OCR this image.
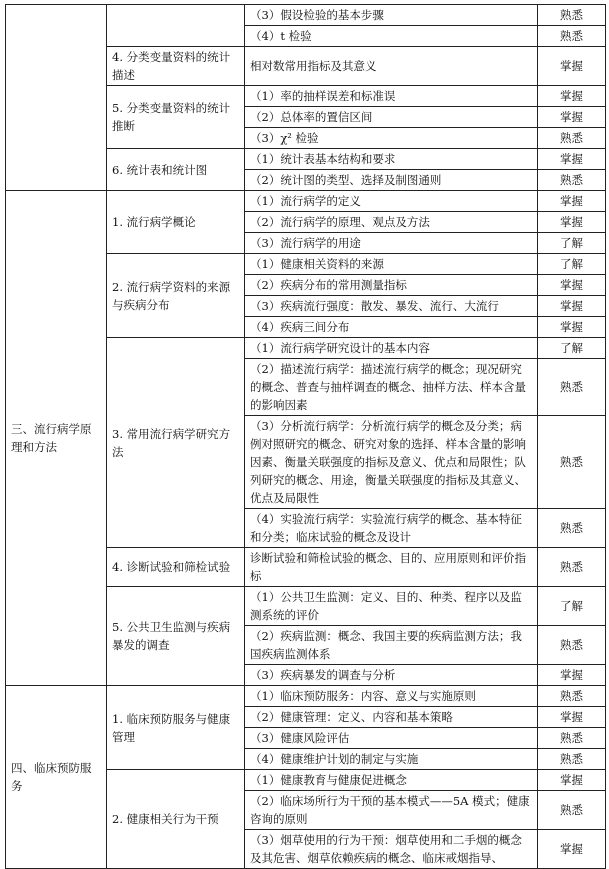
		（3）假设检验的基本步骤	熟悉
		（4）t 检验	熟悉
	4. 分类变量资料的统计描述	相对数常用指标及其意义	掌握
	5. 分类变量资料的统计推断	（1）率的抽样误差和标准误	掌握
		（2）总体率的置信区间	掌握
		（3）χ² 检验	熟悉
	6. 统计表和统计图	（1）统计表基本结构和要求	掌握
		（2）统计图的类型、选择及制图通则	熟悉
三、流行病学原理和方法	1. 流行病学概论	（1）流行病学的定义	掌握
		（2）流行病学的原理、观点及方法	掌握
		（3）流行病学的用途	了解
	2. 流行病学资料的来源与疾病分布	（1）健康相关资料的来源	了解
		（2）疾病分布的常用测量指标	掌握
		（3）疾病流行强度：散发、暴发、流行、大流行	掌握
		（4）疾病三间分布	掌握
	3. 常用流行病学研究方法	（1）流行病学研究设计的基本内容	了解
		（2）描述流行病学：描述流行病学的概念；现况研究的概念、普查与抽样调查的概念、抽样方法、样本含量的影响因素	熟悉
		（3）分析流行病学：分析流行病学的概念及分类；病例对照研究的概念、研究对象的选择、样本含量的影响因素、衡量关联强度的指标及意义、优点和局限性；队列研究的概念、用途，衡量关联强度的指标及其意义、优点及局限性	熟悉
		（4）实验流行病学：实验流行病学的概念、基本特征和分类；临床试验的概念及设计	熟悉
	4. 诊断试验和筛检试验	诊断试验和筛检试验的概念、目的、应用原则和评价指标	熟悉
	5. 公共卫生监测与疾病暴发的调查	（1）公共卫生监测：定义、目的、种类、程序以及监测系统的评价	了解
		（2）疾病监测：概念、我国主要的疾病监测方法；我国疾病监测体系	熟悉
		（3）疾病暴发的调查与分析	掌握
四、临床预防服务	1. 临床预防服务与健康管理	（1）临床预防服务：内容、意义与实施原则	熟悉
		（2）健康管理：定义、内容和基本策略	掌握
		（3）健康风险评估	熟悉
		（4）健康维护计划的制定与实施	熟悉
	2. 健康相关行为干预	（1）健康教育与健康促进概念	掌握
		（2）临床场所行为干预的基本模式——5A 模式；健康咨询的原则	熟悉
		（3）烟草使用的行为干预：烟草使用和二手烟的概念及其危害、烟草依赖疾病的概念、临床戒烟指导、	掌握
